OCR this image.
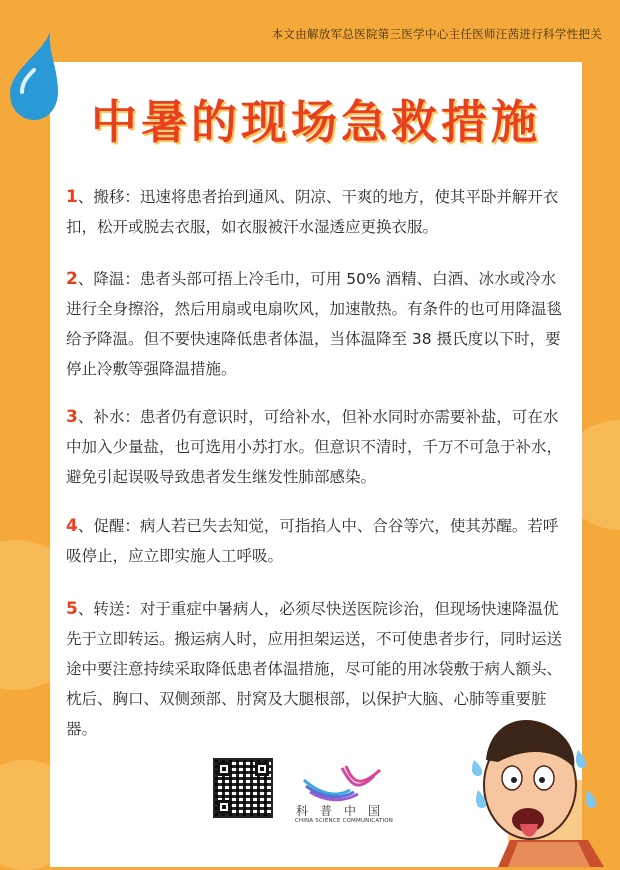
本文由解放军总医院第三医学中心主任医师汪茜进行科学性把关

中暑的现场急救措施

1、搬移：迅速将患者抬到通风、阴凉、干爽的地方，使其平卧并解开衣扣，松开或脱去衣服，如衣服被汗水湿透应更换衣服。

2、降温：患者头部可捂上冷毛巾，可用 50% 酒精、白酒、冰水或冷水进行全身擦浴，然后用扇或电扇吹风，加速散热。有条件的也可用降温毯给予降温。但不要快速降低患者体温，当体温降至 38 摄氏度以下时，要停止冷敷等强降温措施。

3、补水：患者仍有意识时，可给补水，但补水同时亦需要补盐，可在水中加入少量盐，也可选用小苏打水。但意识不清时，千万不可急于补水，避免引起误吸导致患者发生继发性肺部感染。

4、促醒：病人若已失去知觉，可指掐人中、合谷等穴，使其苏醒。若呼吸停止，应立即实施人工呼吸。

5、转送：对于重症中暑病人，必须尽快送医院诊治，但现场快速降温优先于立即转运。搬运病人时，应用担架运送，不可使患者步行，同时运送途中要注意持续采取降低患者体温措施，尽可能的用冰袋敷于病人额头、枕后、胸口、双侧颈部、肘窝及大腿根部，以保护大脑、心肺等重要脏器。

科普中国

CHINA SCIENCE COMMUNICATION
